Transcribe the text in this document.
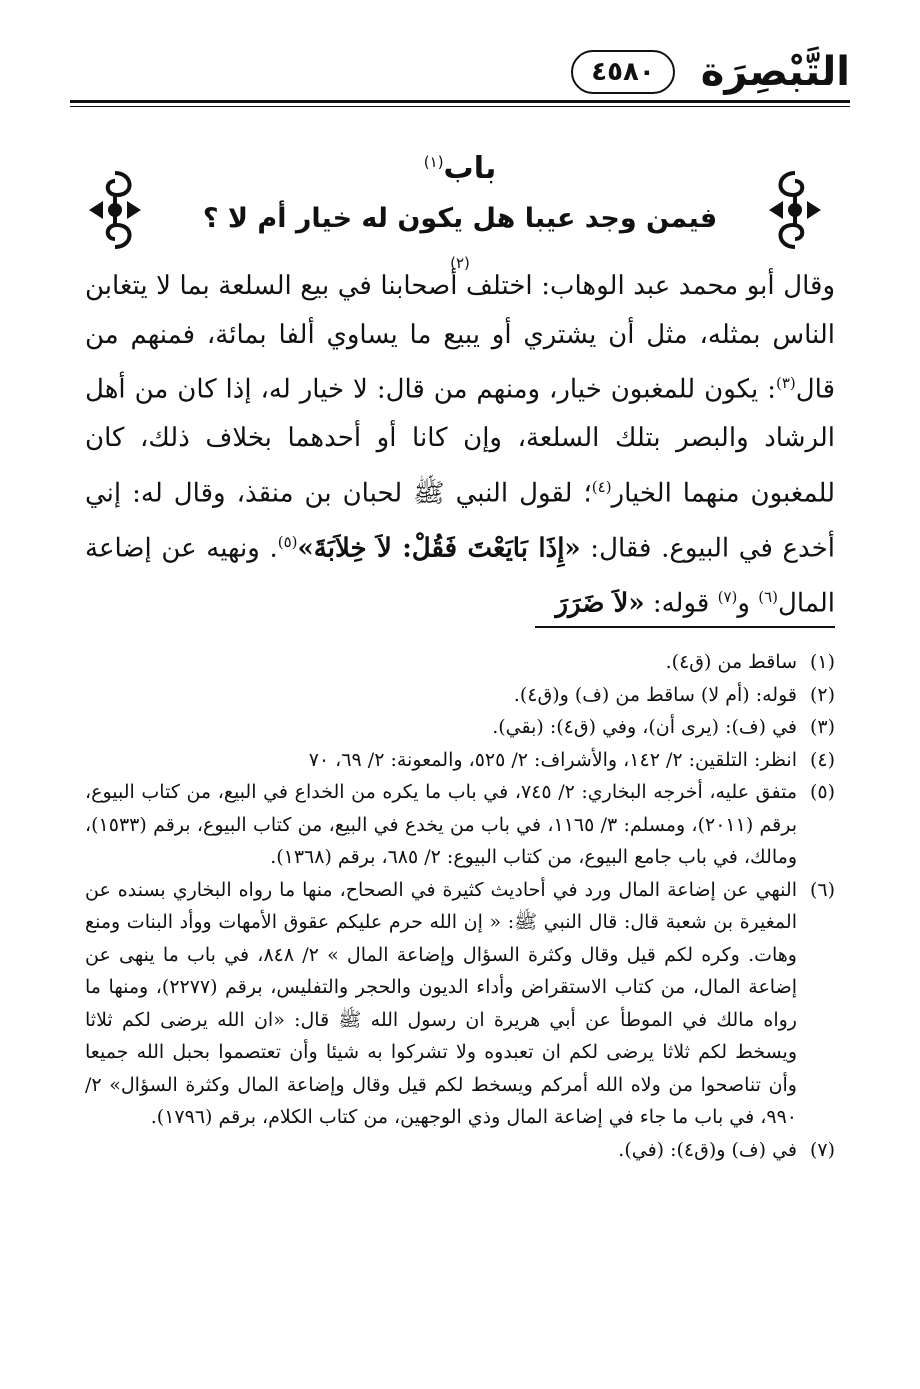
التَّبْصِرَة
٤٥٨٠
باب$^{(١)}$
فيمن وجد عيبا هل يكون له خيار أم لا ؟$^{(٢)}$

وقال أبو محمد عبد الوهاب: اختلف أصحابنا في بيع السلعة بما لا يتغابن الناس بمثله، مثل أن يشتري أو يبيع ما يساوي ألفا بمائة، فمنهم من قال$^{(٣)}$: يكون للمغبون خيار، ومنهم من قال: لا خيار له، إذا كان من أهل الرشاد والبصر بتلك السلعة، وإن كانا أو أحدهما بخلاف ذلك، كان للمغبون منهما الخيار$^{(٤)}$؛ لقول النبي ﷺ لحبان بن منقذ، وقال له: إني أخدع في البيوع. فقال: «إِذَا بَايَعْتَ فَقُلْ: لاَ خِلاَبَةَ»$^{(٥)}$. ونهيه عن إضاعة المال$^{(٦)}$ و$^{(٧)}$ قوله: «لاَ ضَرَرَ

(١)
ساقط من (ق٤).

(٢)
قوله: (أم لا) ساقط من (ف) و(ق٤).

(٣)
في (ف): (يرى أن)، وفي (ق٤): (بقي).

(٤)
انظر: التلقين: ٢/ ١٤٢، والأشراف: ٢/ ٥٢٥، والمعونة: ٢/ ٦٩، ٧٠

(٥)
متفق عليه، أخرجه البخاري: ٢/ ٧٤٥، في باب ما يكره من الخداع في البيع، من كتاب البيوع، برقم (٢٠١١)، ومسلم: ٣/ ١١٦٥، في باب من يخدع في البيع، من كتاب البيوع، برقم (١٥٣٣)، ومالك، في باب جامع البيوع، من كتاب البيوع: ٢/ ٦٨٥، برقم (١٣٦٨).

(٦)
النهي عن إضاعة المال ورد في أحاديث كثيرة في الصحاح، منها ما رواه البخاري بسنده عن المغيرة بن شعبة قال: قال النبي ﷺ: « إن الله حرم عليكم عقوق الأمهات ووأد البنات ومنع وهات. وكره لكم قيل وقال وكثرة السؤال وإضاعة المال » ٢/ ٨٤٨، في باب ما ينهى عن إضاعة المال، من كتاب الاستقراض وأداء الديون والحجر والتفليس، برقم (٢٢٧٧)، ومنها ما رواه مالك في الموطأ عن أبي هريرة ان رسول الله ﷺ قال: «ان الله يرضى لكم ثلاثا ويسخط لكم ثلاثا يرضى لكم ان تعبدوه ولا تشركوا به شيئا وأن تعتصموا بحبل الله جميعا وأن تناصحوا من ولاه الله أمركم ويسخط لكم قيل وقال وإضاعة المال وكثرة السؤال» ٢/ ٩٩٠، في باب ما جاء في إضاعة المال وذي الوجهين، من كتاب الكلام، برقم (١٧٩٦).

(٧)
في (ف) و(ق٤): (في).
